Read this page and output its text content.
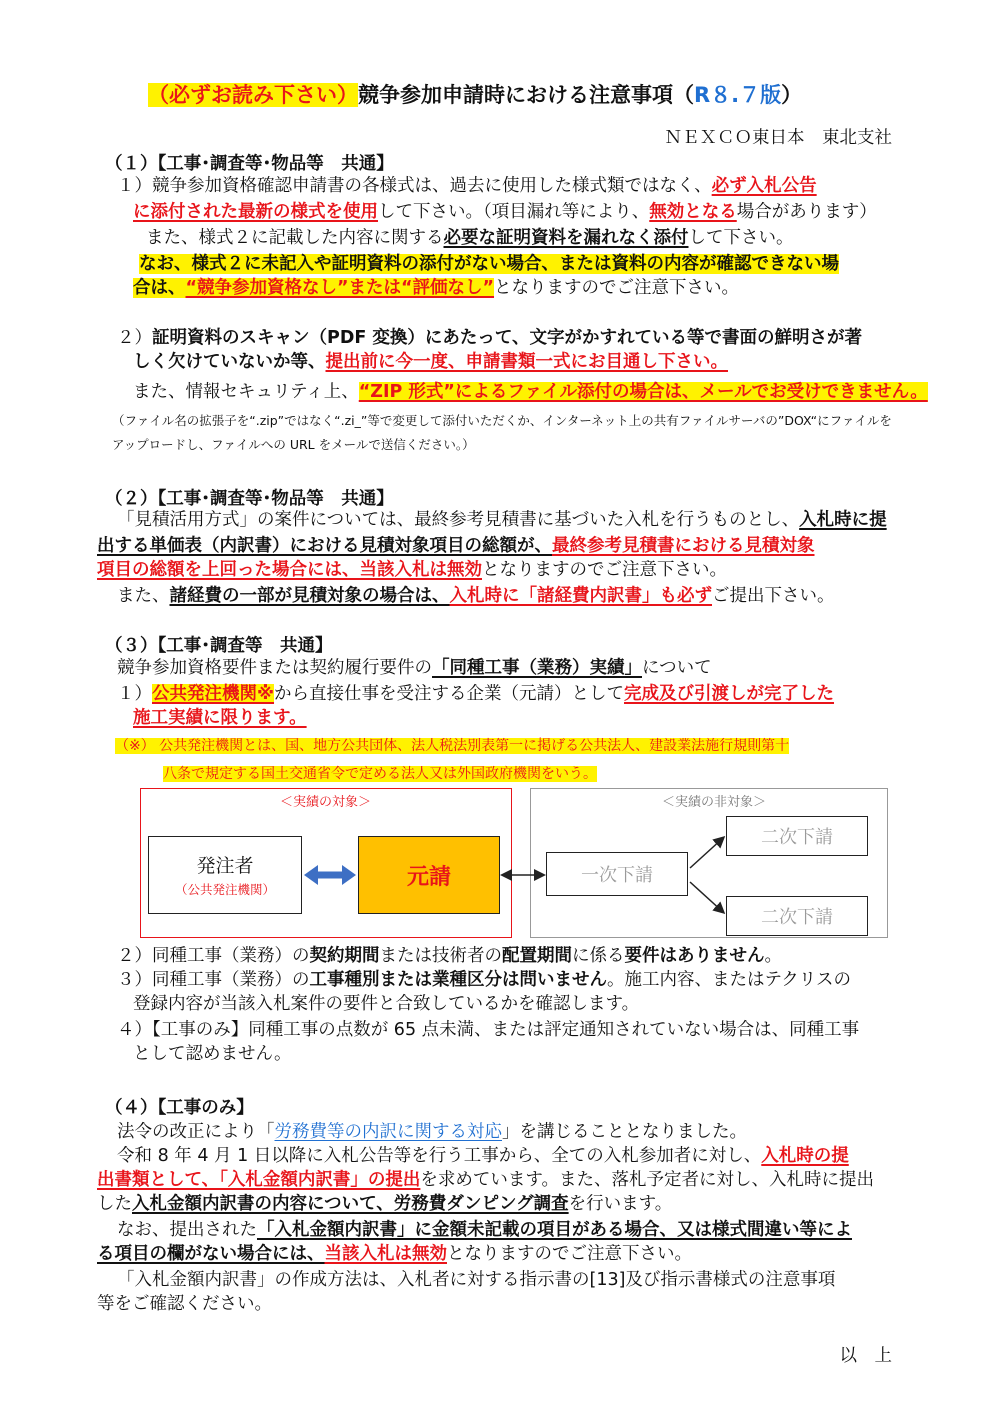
（必ずお読み下さい）競争参加申請時における注意事項（R８.７版）
ＮＥＸＣＯ東日本　東北支社
（１）【工事･調査等･物品等　共通】
１）競争参加資格確認申請書の各様式は、過去に使用した様式類ではなく、必ず入札公告
に添付された最新の様式を使用して下さい。（項目漏れ等により、無効となる場合があります）
また、様式２に記載した内容に関する必要な証明資料を漏れなく添付して下さい。
なお、様式２に未記入や証明資料の添付がない場合、または資料の内容が確認できない場
合は、“競争参加資格なし”または“評価なし”となりますのでご注意下さい。
２）証明資料のスキャン（PDF 変換）にあたって、文字がかすれている等で書面の鮮明さが著
しく欠けていないか等、提出前に今一度、申請書類一式にお目通し下さい。
また、情報セキュリティ上、“ZIP 形式”によるファイル添付の場合は、メールでお受けできません。
（ファイル名の拡張子を“.zip”ではなく“.zi_”等で変更して添付いただくか、インターネット上の共有ファイルサーバの”DOX“にファイルを
アップロードし、ファイルへの URL をメールで送信ください。）
（２）【工事･調査等･物品等　共通】
「見積活用方式」の案件については、最終参考見積書に基づいた入札を行うものとし、入札時に提
出する単価表（内訳書）における見積対象項目の総額が、最終参考見積書における見積対象
項目の総額を上回った場合には、当該入札は無効となりますのでご注意下さい。
また、諸経費の一部が見積対象の場合は、入札時に「諸経費内訳書」も必ずご提出下さい。
（３）【工事･調査等　共通】
競争参加資格要件または契約履行要件の「同種工事（業務）実績」について
１）公共発注機関※から直接仕事を受注する企業（元請）として完成及び引渡しが完了した
施工実績に限ります。
（※） 公共発注機関とは、国、地方公共団体、法人税法別表第一に掲げる公共法人、建設業法施行規則第十
八条で規定する国土交通省令で定める法人又は外国政府機関をいう。
＜実績の対象＞	＜実績の非対象＞
発注者
（公共発注機関）	元請	一次下請
二次下請
二次下請
２）同種工事（業務）の契約期間または技術者の配置期間に係る要件はありません。
３）同種工事（業務）の工事種別または業種区分は問いません。施工内容、またはテクリスの
登録内容が当該入札案件の要件と合致しているかを確認します。
４）【工事のみ】同種工事の点数が 65 点未満、または評定通知されていない場合は、同種工事
として認めません。
（４）【工事のみ】
法令の改正により「労務費等の内訳に関する対応」を講じることとなりました。
令和 8 年 4 月 1 日以降に入札公告等を行う工事から、全ての入札参加者に対し、入札時の提
出書類として、「入札金額内訳書」の提出を求めています。また、落札予定者に対し、入札時に提出
した入札金額内訳書の内容について、労務費ダンピング調査を行います。
なお、提出された「入札金額内訳書」に金額未記載の項目がある場合、又は様式間違い等によ
る項目の欄がない場合には、当該入札は無効となりますのでご注意下さい。
「入札金額内訳書」の作成方法は、入札者に対する指示書の[13]及び指示書様式の注意事項
等をご確認ください。
以　上
